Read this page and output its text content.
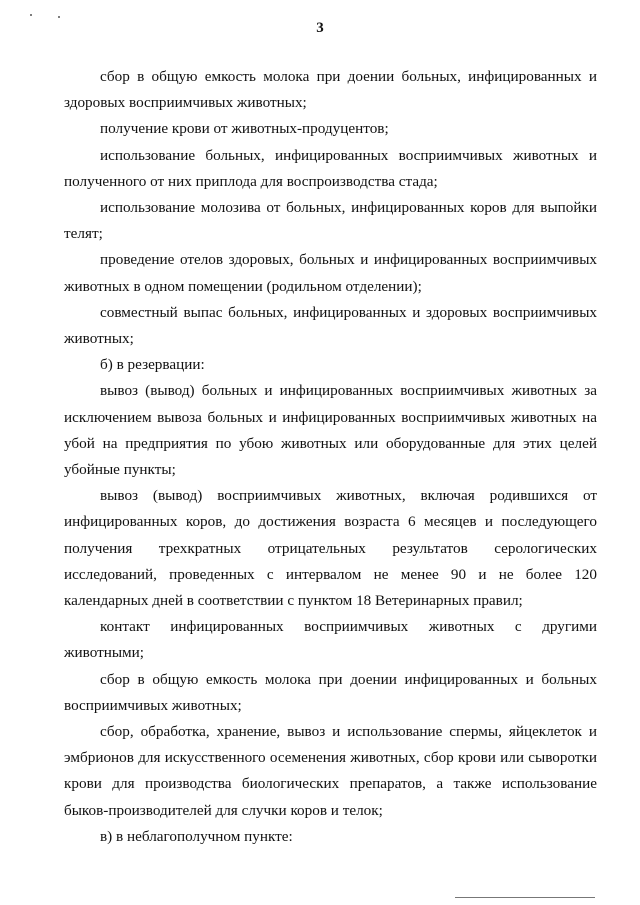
3

сбор в общую емкость молока при доении больных, инфицированных и здоровых восприимчивых животных;

получение крови от животных-продуцентов;

использование больных, инфицированных восприимчивых животных и полученного от них приплода для воспроизводства стада;

использование молозива от больных, инфицированных коров для выпойки телят;

проведение отелов здоровых, больных и инфицированных восприимчивых животных в одном помещении (родильном отделении);

совместный выпас больных, инфицированных и здоровых восприимчивых животных;

б) в резервации:

вывоз (вывод) больных и инфицированных восприимчивых животных за исключением вывоза больных и инфицированных восприимчивых животных на убой на предприятия по убою животных или оборудованные для этих целей убойные пункты;

вывоз (вывод) восприимчивых животных, включая родившихся от инфицированных коров, до достижения возраста 6 месяцев и последующего получения трехкратных отрицательных результатов серологических исследований, проведенных с интервалом не менее 90 и не более 120 календарных дней в соответствии с пунктом 18 Ветеринарных правил;

контакт инфицированных восприимчивых животных с другими животными;

сбор в общую емкость молока при доении инфицированных и больных восприимчивых животных;

сбор, обработка, хранение, вывоз и использование спермы, яйцеклеток и эмбрионов для искусственного осеменения животных, сбор крови или сыворотки крови для производства биологических препаратов, а также использование быков-производителей для случки коров и телок;

в) в неблагополучном пункте:
